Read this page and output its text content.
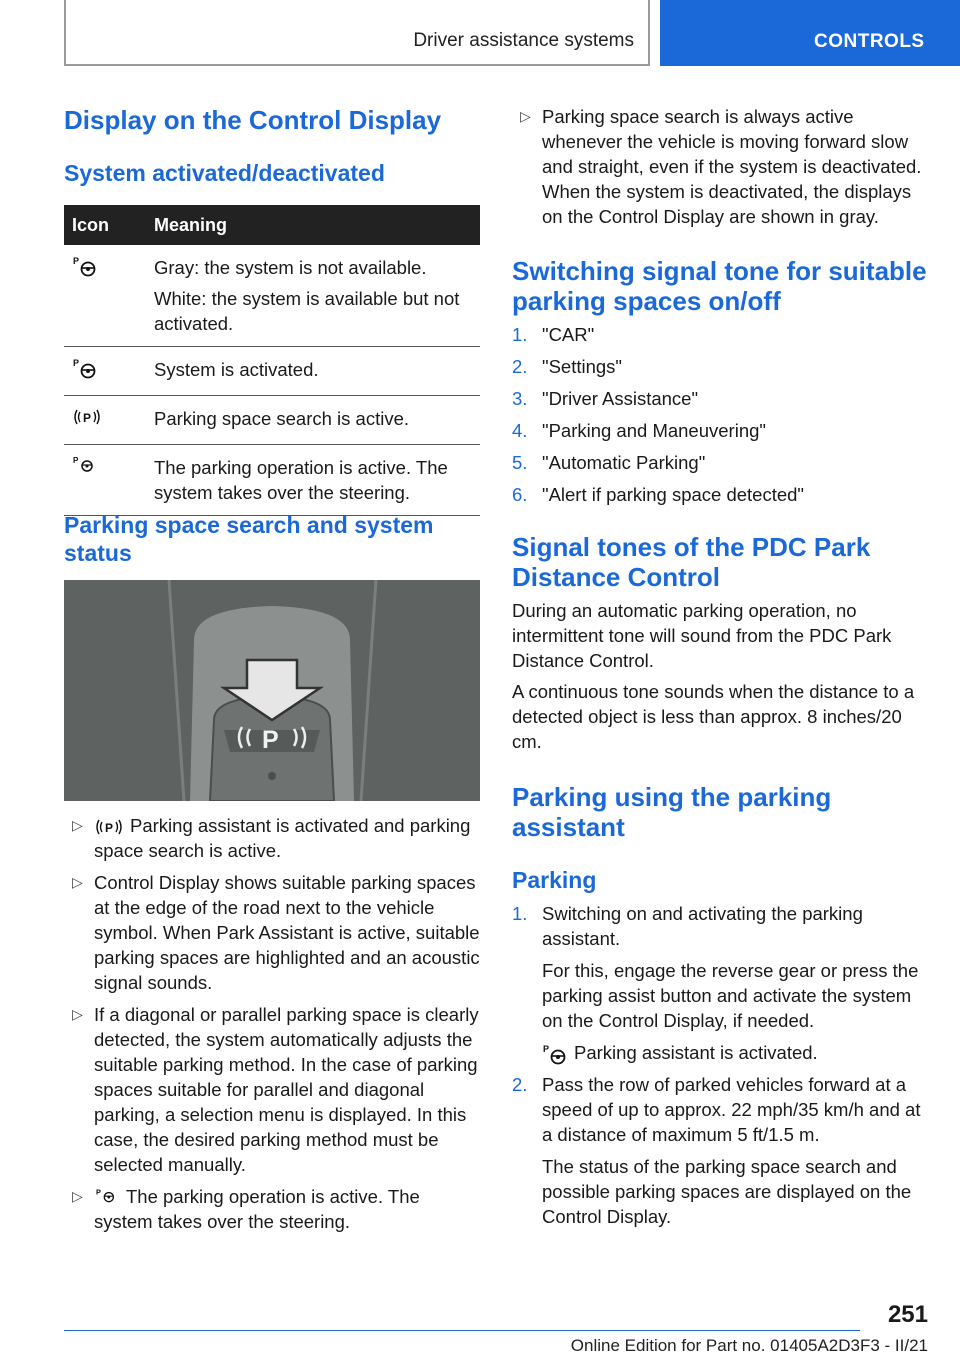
Driver assistance systems	CONTROLS
Display on the Control Display
System activated/deactivated
Icon	Meaning

P	Gray: the system is not available.
White: the system is available but not activated.

P	System is activated.

P	Parking space search is active.

P	The parking operation is active. The system takes over the steering.
Parking space search and system status
P
▷ P Parking assistant is activated and parking space search is active.
▷ Control Display shows suitable parking spaces at the edge of the road next to the vehicle symbol. When Park Assistant is active, suitable parking spaces are highlighted and an acoustic signal sounds.
▷ If a diagonal or parallel parking space is clearly detected, the system automatically adjusts the suitable parking method. In the case of parking spaces suitable for parallel and diagonal parking, a selection menu is displayed. In this case, the desired parking method must be selected manually.
▷ P The parking operation is active. The system takes over the steering.
▷ Parking space search is always active whenever the vehicle is moving forward slow and straight, even if the system is deactivated. When the system is deactivated, the displays on the Control Display are shown in gray.
Switching signal tone for suitable parking spaces on/off
1. "CAR"
2. "Settings"
3. "Driver Assistance"
4. "Parking and Maneuvering"
5. "Automatic Parking"
6. "Alert if parking space detected"
Signal tones of the PDC Park Distance Control
During an automatic parking operation, no intermittent tone will sound from the PDC Park Distance Control.
A continuous tone sounds when the distance to a detected object is less than approx. 8 inches/20 cm.
Parking using the parking assistant
Parking
1. Switching on and activating the parking assistant.
For this, engage the reverse gear or press the parking assist button and activate the system on the Control Display, if needed.
P Parking assistant is activated.
2. Pass the row of parked vehicles forward at a speed of up to approx. 22 mph/35 km/h and at a distance of maximum 5 ft/1.5 m.
The status of the parking space search and possible parking spaces are displayed on the Control Display.
251
Online Edition for Part no. 01405A2D3F3 - II/21
